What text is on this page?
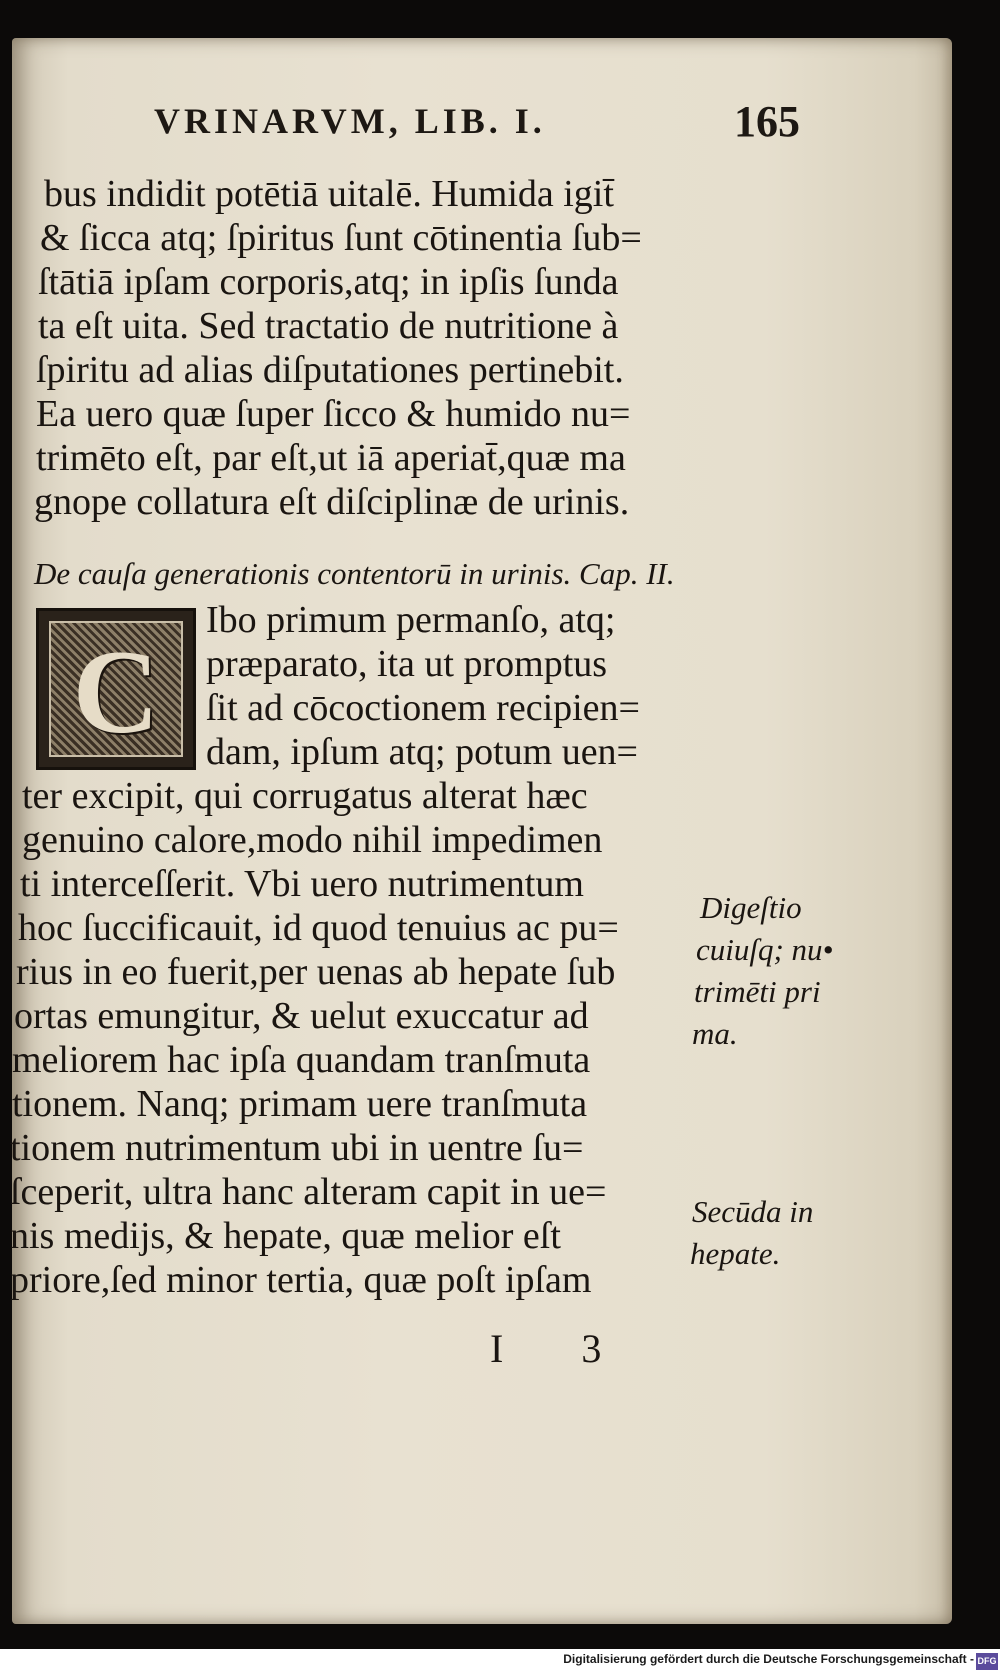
VRINARVM, LIB. I.	165
bus indidit potētiā uitalē. Humida igit̄
& ſicca atq; ſpiritus ſunt cōtinentia ſub=
ſtātiā ipſam corporis,atq; in ipſis ſunda
ta eſt uita. Sed tractatio de nutritione à
ſpiritu ad alias diſputationes pertinebit.
Ea uero quæ ſuper ſicco & humido nu=
trimēto eſt, par eſt,ut iā aperiat̄,quæ ma
gnope collatura eſt diſciplinæ de urinis.
De cauſa generationis contentorū in urinis. Cap. II.
Ibo primum permanſo, atq;
præparato, ita ut promptus
ſit ad cōcoctionem recipien=
dam, ipſum atq; potum uen=
ter excipit, qui corrugatus alterat hæc
genuino calore,modo nihil impedimen
ti interceſſerit. Vbi uero nutrimentum
hoc ſuccificauit, id quod tenuius ac pu=
rius in eo fuerit,per uenas ab hepate ſub
ortas emungitur, & uelut exuccatur ad
meliorem hac ipſa quandam tranſmuta
tionem. Nanq; primam uere tranſmuta
tionem nutrimentum ubi in uentre ſu=
ſceperit, ultra hanc alteram capit in ue=
nis medijs, & hepate, quæ melior eſt
priore,ſed minor tertia, quæ poſt ipſam
C
Digeſtio
cuiuſq; nu•
trimēti pri
ma.
Secūda in
hepate.
I 3
Digitalisierung gefördert durch die Deutsche Forschungsgemeinschaft - DFG
